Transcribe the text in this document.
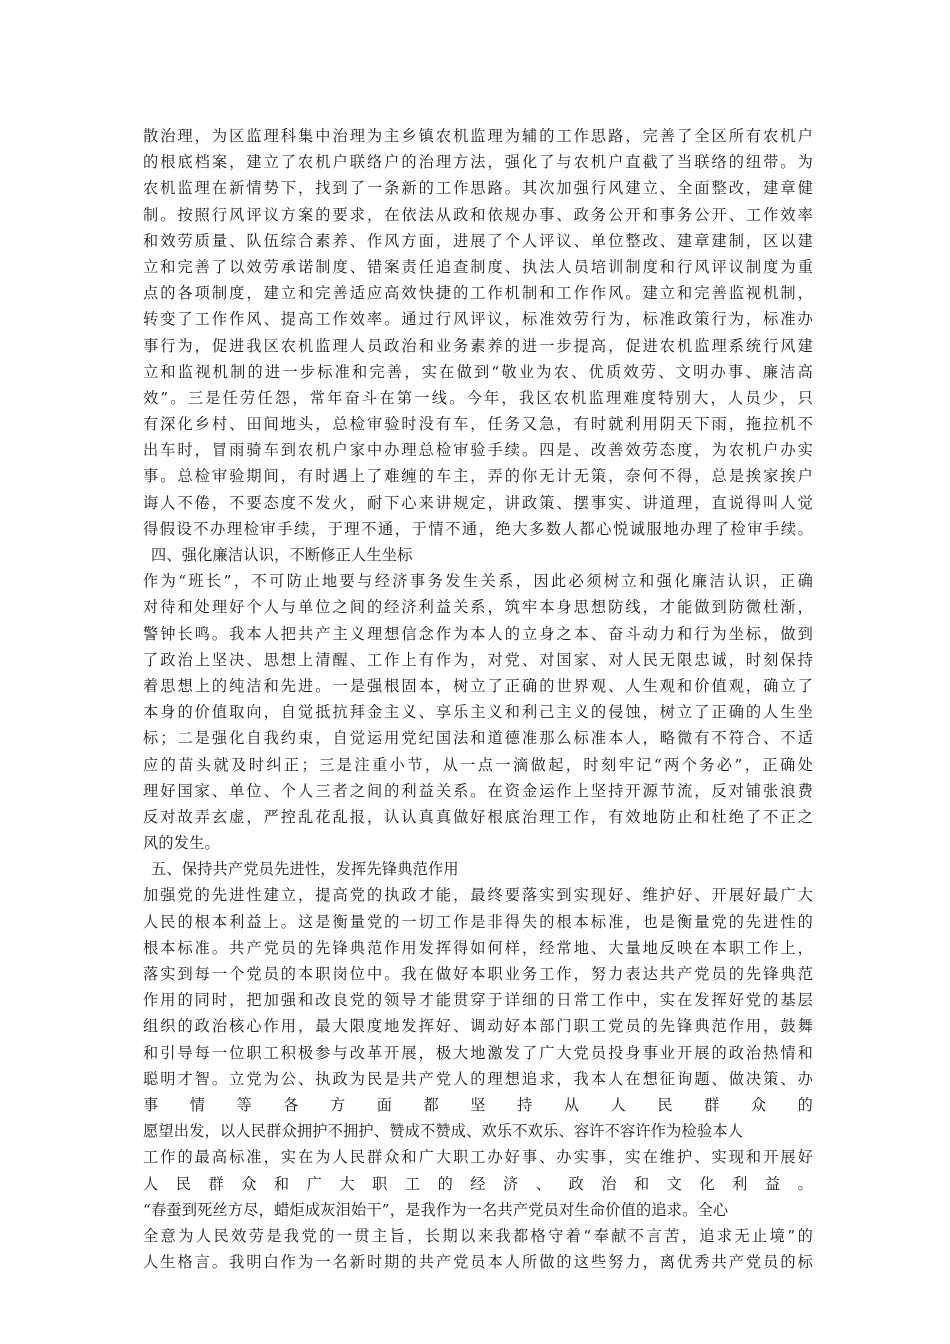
散治理，为区监理科集中治理为主乡镇农机监理为辅的工作思路，完善了全区所有农机户
的根底档案，建立了农机户联络户的治理方法，强化了与农机户直截了当联络的纽带。为
农机监理在新情势下，找到了一条新的工作思路。其次加强行风建立、全面整改，建章健
制。按照行风评议方案的要求，在依法从政和依规办事、政务公开和事务公开、工作效率
和效劳质量、队伍综合素养、作风方面，进展了个人评议、单位整改、建章建制，区以建
立和完善了以效劳承诺制度、错案责任追查制度、执法人员培训制度和行风评议制度为重
点的各项制度，建立和完善适应高效快捷的工作机制和工作作风。建立和完善监视机制，
转变了工作作风、提高工作效率。通过行风评议，标准效劳行为，标准政策行为，标准办
事行为，促进我区农机监理人员政治和业务素养的进一步提高，促进农机监理系统行风建
立和监视机制的进一步标准和完善，实在做到“敬业为农、优质效劳、文明办事、廉洁高
效”。三是任劳任怨，常年奋斗在第一线。今年，我区农机监理难度特别大，人员少，只
有深化乡村、田间地头，总检审验时没有车，任务又急，有时就利用阴天下雨，拖拉机不
出车时，冒雨骑车到农机户家中办理总检审验手续。四是、改善效劳态度，为农机户办实
事。总检审验期间，有时遇上了难缠的车主，弄的你无计无策，奈何不得，总是挨家挨户
诲人不倦，不要态度不发火，耐下心来讲规定，讲政策、摆事实、讲道理，直说得叫人觉
得假设不办理检审手续，于理不通，于情不通，绝大多数人都心悦诚服地办理了检审手续。
四、强化廉洁认识，不断修正人生坐标
作为“班长”，不可防止地要与经济事务发生关系，因此必须树立和强化廉洁认识，正确
对待和处理好个人与单位之间的经济利益关系，筑牢本身思想防线，才能做到防微杜渐，
警钟长鸣。我本人把共产主义理想信念作为本人的立身之本、奋斗动力和行为坐标，做到
了政治上坚决、思想上清醒、工作上有作为，对党、对国家、对人民无限忠诚，时刻保持
着思想上的纯洁和先进。一是强根固本，树立了正确的世界观、人生观和价值观，确立了
本身的价值取向，自觉抵抗拜金主义、享乐主义和利己主义的侵蚀，树立了正确的人生坐
标；二是强化自我约束，自觉运用党纪国法和道德准那么标准本人，略微有不符合、不适
应的苗头就及时纠正；三是注重小节，从一点一滴做起，时刻牢记“两个务必”，正确处
理好国家、单位、个人三者之间的利益关系。在资金运作上坚持开源节流，反对铺张浪费
反对故弄玄虚，严控乱花乱报，认认真真做好根底治理工作，有效地防止和杜绝了不正之
风的发生。
五、保持共产党员先进性，发挥先锋典范作用
加强党的先进性建立，提高党的执政才能，最终要落实到实现好、维护好、开展好最广大
人民的根本利益上。这是衡量党的一切工作是非得失的根本标准，也是衡量党的先进性的
根本标准。共产党员的先锋典范作用发挥得如何样，经常地、大量地反映在本职工作上，
落实到每一个党员的本职岗位中。我在做好本职业务工作，努力表达共产党员的先锋典范
作用的同时，把加强和改良党的领导才能贯穿于详细的日常工作中，实在发挥好党的基层
组织的政治核心作用，最大限度地发挥好、调动好本部门职工党员的先锋典范作用，鼓舞
和引导每一位职工积极参与改革开展，极大地激发了广大党员投身事业开展的政治热情和
聪明才智。立党为公、执政为民是共产党人的理想追求，我本人在想征询题、做决策、办
事情等各方面都坚持从人民群众的
愿望出发，以人民群众拥护不拥护、赞成不赞成、欢乐不欢乐、容许不容许作为检验本人
工作的最高标准，实在为人民群众和广大职工办好事、办实事，实在维护、实现和开展好
人民群众和广大职工的经济、政治和文化利益。
“春蚕到死丝方尽，蜡炬成灰泪始干”，是我作为一名共产党员对生命价值的追求。全心
全意为人民效劳是我党的一贯主旨，长期以来我都格守着“奉献不言苦，追求无止境”的
人生格言。我明白作为一名新时期的共产党员本人所做的这些努力，离优秀共产党员的标
